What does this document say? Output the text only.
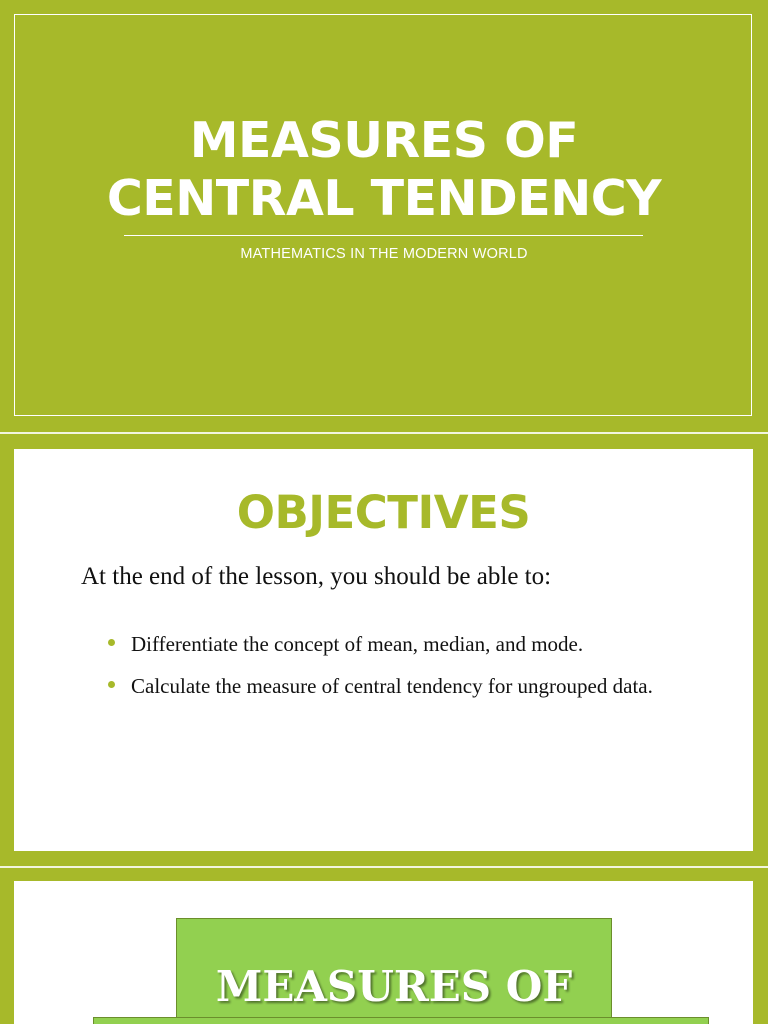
MEASURES OF
CENTRAL TENDENCY
MATHEMATICS IN THE MODERN WORLD
OBJECTIVES
At the end of the lesson, you should be able to:
Differentiate the concept of mean, median, and mode.
Calculate the measure of central tendency for ungrouped data.
MEASURES OF
